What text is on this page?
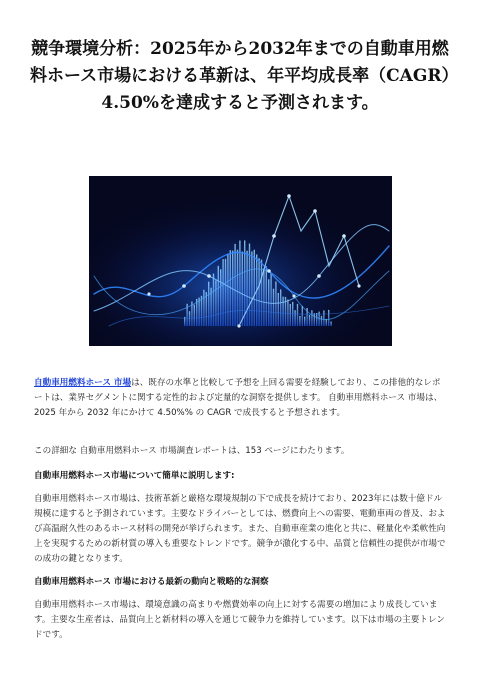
競争環境分析：2025年から2032年までの自動車用燃料ホース市場における革新は、年平均成長率（CAGR）4.50%を達成すると予測されます。

自動車用燃料ホース 市場は、既存の水準と比較して予想を上回る需要を経験しており、この排他的なレポートは、業界セグメントに関する定性的および定量的な洞察を提供します。 自動車用燃料ホース 市場は、2025 年から 2032 年にかけて 4.50%% の CAGR で成長すると予想されます。

この詳細な 自動車用燃料ホース 市場調査レポートは、153 ページにわたります。

自動車用燃料ホース市場について簡単に説明します:

自動車用燃料ホース市場は、技術革新と厳格な環境規制の下で成長を続けており、2023年には数十億ドル規模に達すると予測されています。主要なドライバーとしては、燃費向上への需要、電動車両の普及、および高温耐久性のあるホース材料の開発が挙げられます。また、自動車産業の進化と共に、軽量化や柔軟性向上を実現するための新材質の導入も重要なトレンドです。競争が激化する中、品質と信頼性の提供が市場での成功の鍵となります。

自動車用燃料ホース 市場における最新の動向と戦略的な洞察

自動車用燃料ホース市場は、環境意識の高まりや燃費効率の向上に対する需要の増加により成長しています。主要な生産者は、品質向上と新材料の導入を通じて競争力を維持しています。以下は市場の主要トレンドです。
